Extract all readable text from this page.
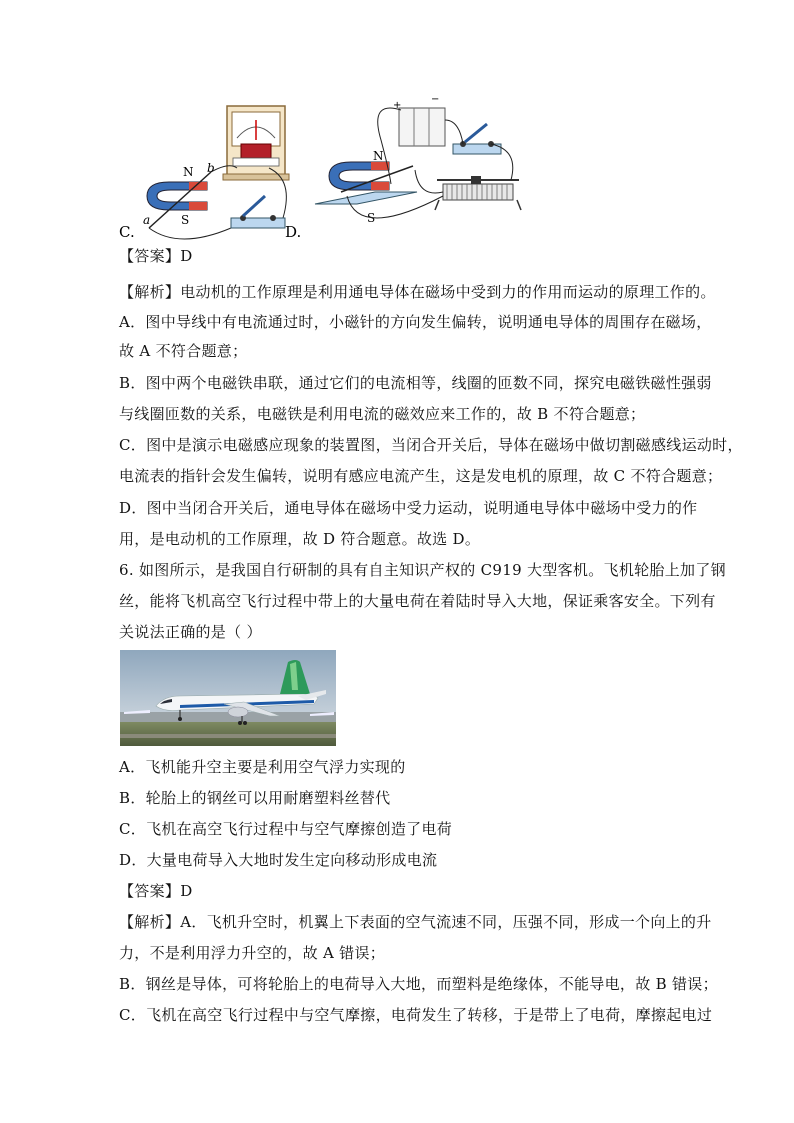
N
S
a
b
C.
+
−
N
S
D.
【答案】D
【解析】电动机的工作原理是利用通电导体在磁场中受到力的作用而运动的原理工作的。
A．图中导线中有电流通过时，小磁针的方向发生偏转，说明通电导体的周围存在磁场，
故 A 不符合题意；
B．图中两个电磁铁串联，通过它们的电流相等，线圈的匝数不同，探究电磁铁磁性强弱
与线圈匝数的关系，电磁铁是利用电流的磁效应来工作的，故 B 不符合题意；
C．图中是演示电磁感应现象的装置图，当闭合开关后，导体在磁场中做切割磁感线运动时，
电流表的指针会发生偏转，说明有感应电流产生，这是发电机的原理，故 C 不符合题意；
D．图中当闭合开关后，通电导体在磁场中受力运动，说明通电导体中磁场中受力的作
用，是电动机的工作原理，故 D 符合题意。故选 D。
6. 如图所示，是我国自行研制的具有自主知识产权的 C919 大型客机。飞机轮胎上加了钢
丝，能将飞机高空飞行过程中带上的大量电荷在着陆时导入大地，保证乘客安全。下列有
关说法正确的是（ ）
A．飞机能升空主要是利用空气浮力实现的
B．轮胎上的钢丝可以用耐磨塑料丝替代
C．飞机在高空飞行过程中与空气摩擦创造了电荷
D．大量电荷导入大地时发生定向移动形成电流
【答案】D
【解析】A．飞机升空时，机翼上下表面的空气流速不同，压强不同，形成一个向上的升
力，不是利用浮力升空的，故 A 错误；
B．钢丝是导体，可将轮胎上的电荷导入大地，而塑料是绝缘体，不能导电，故 B 错误；
C．飞机在高空飞行过程中与空气摩擦，电荷发生了转移，于是带上了电荷，摩擦起电过
